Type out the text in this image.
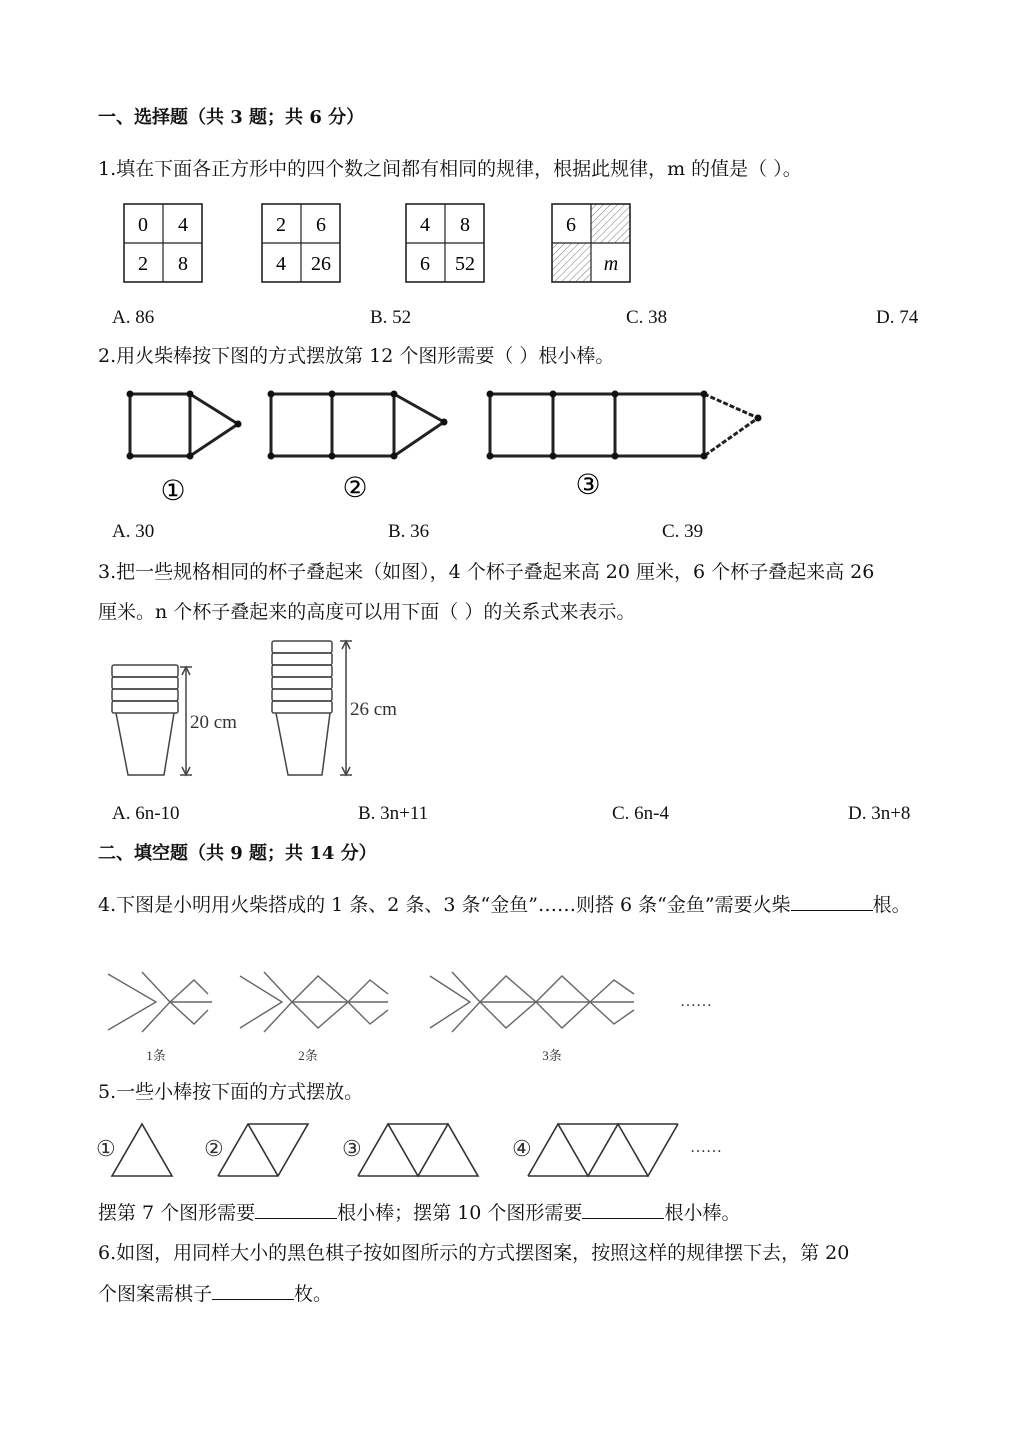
一、选择题（共 3 题；共 6 分）
1.填在下面各正方形中的四个数之间都有相同的规律，根据此规律，m 的值是（ ）。
0 4
2 8
2 6
4 26
4 8
6 52
6
m
A. 86	B. 52	C. 38	D. 74
2.用火柴棒按下图的方式摆放第 12 个图形需要（ ）根小棒。
①	②	③
A. 30	B. 36	C. 39
3.把一些规格相同的杯子叠起来（如图），4 个杯子叠起来高 20 厘米，6 个杯子叠起来高 26
厘米。n 个杯子叠起来的高度可以用下面（ ）的关系式来表示。
20 cm
26 cm
A. 6n-10	B. 3n+11	C. 6n-4	D. 3n+8
二、填空题（共 9 题；共 14 分）
4.下图是小明用火柴搭成的 1 条、2 条、3 条“金鱼”……则搭 6 条“金鱼”需要火柴	根。
1条	2条	3条
……
5.一些小棒按下面的方式摆放。
①	②	③	④	……
摆第 7 个图形需要	根小棒；摆第 10 个图形需要	根小棒。
6.如图，用同样大小的黑色棋子按如图所示的方式摆图案，按照这样的规律摆下去，第 20
个图案需棋子	枚。
